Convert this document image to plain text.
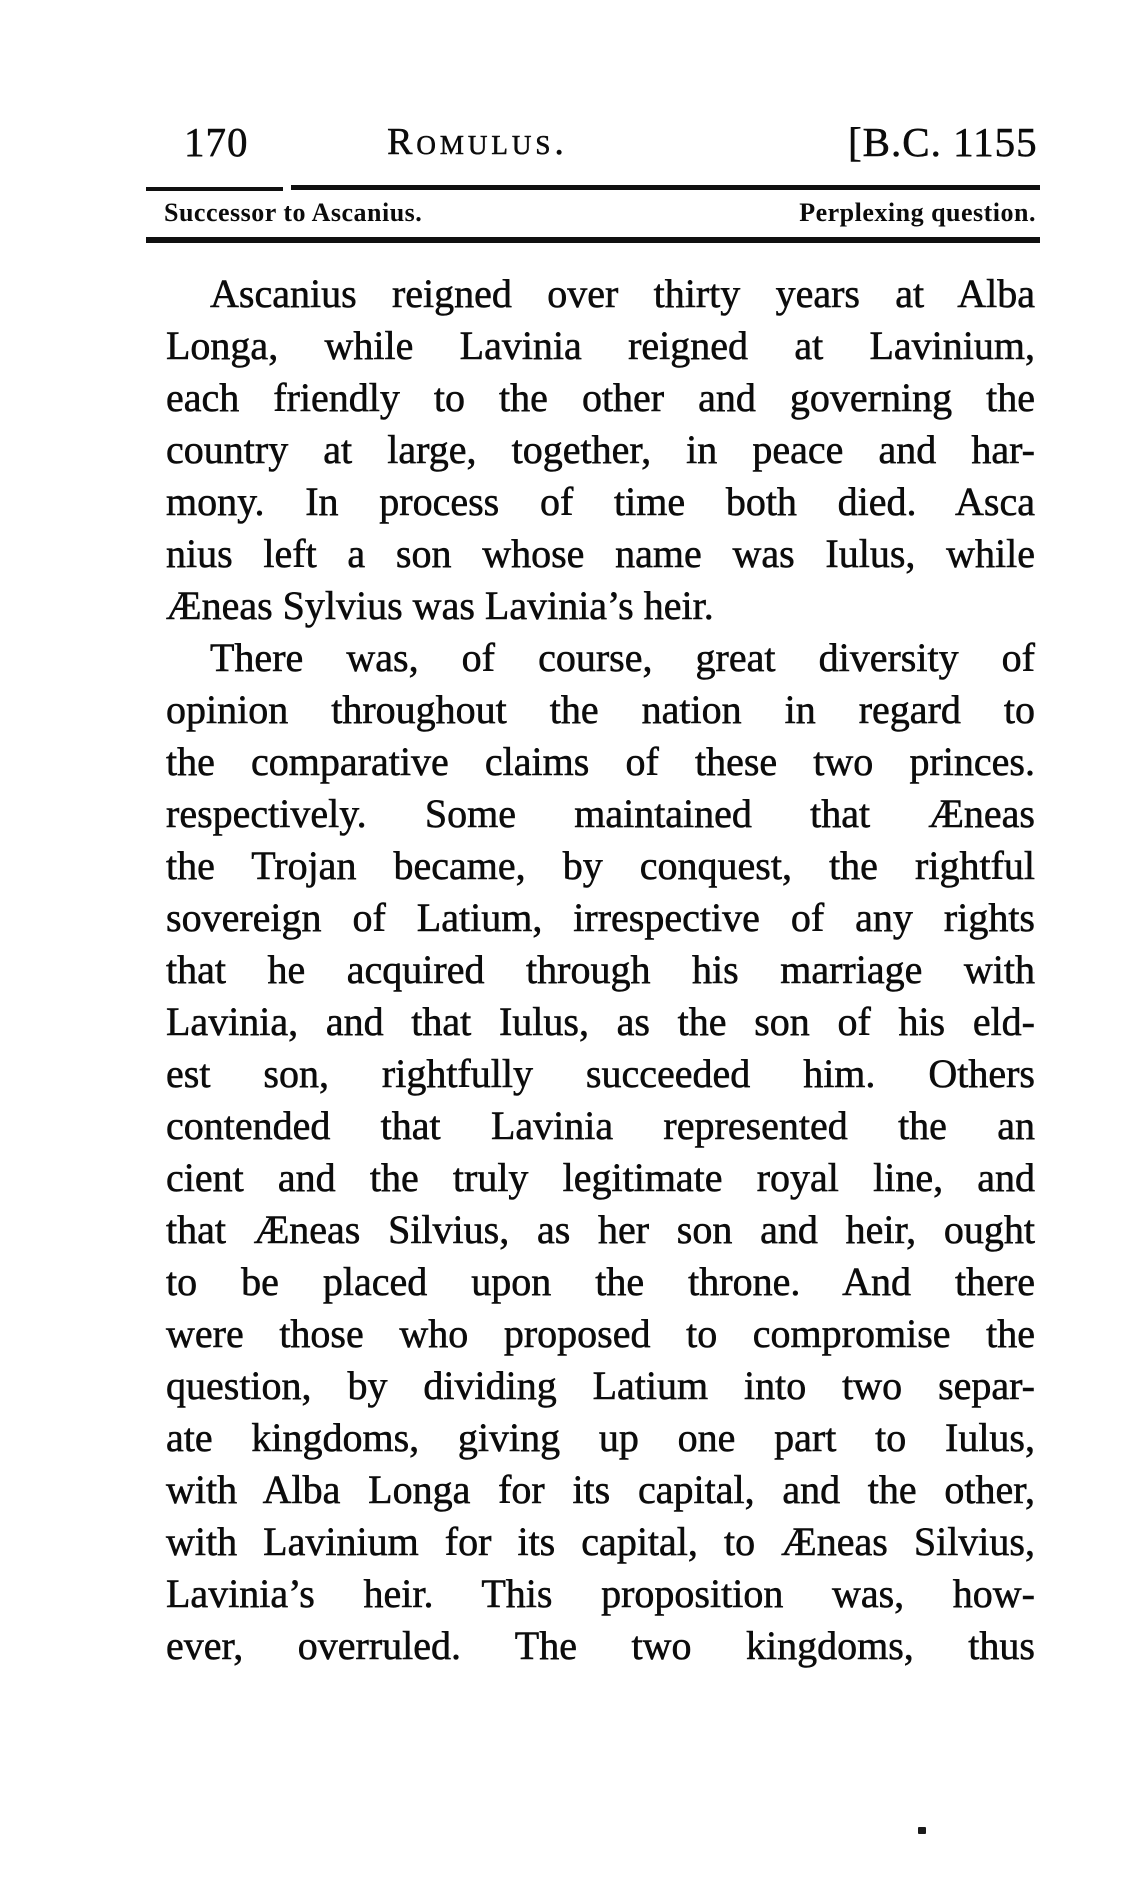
170	Romulus.	[B.C. 1155
Successor to Ascanius.	Perplexing question.
Ascanius reigned over thirty years at Alba
Longa, while Lavinia reigned at Lavinium,
each friendly to the other and governing the
country at large, together, in peace and har-
mony. In process of time both died. Asca
nius left a son whose name was Iulus, while
Æneas Sylvius was Lavinia’s heir.
There was, of course, great diversity of
opinion throughout the nation in regard to
the comparative claims of these two princes.
respectively. Some maintained that Æneas
the Trojan became, by conquest, the rightful
sovereign of Latium, irrespective of any rights
that he acquired through his marriage with
Lavinia, and that Iulus, as the son of his eld-
est son, rightfully succeeded him. Others
contended that Lavinia represented the an
cient and the truly legitimate royal line, and
that Æneas Silvius, as her son and heir, ought
to be placed upon the throne. And there
were those who proposed to compromise the
question, by dividing Latium into two separ-
ate kingdoms, giving up one part to Iulus,
with Alba Longa for its capital, and the other,
with Lavinium for its capital, to Æneas Silvius,
Lavinia’s heir. This proposition was, how-
ever, overruled. The two kingdoms, thus
